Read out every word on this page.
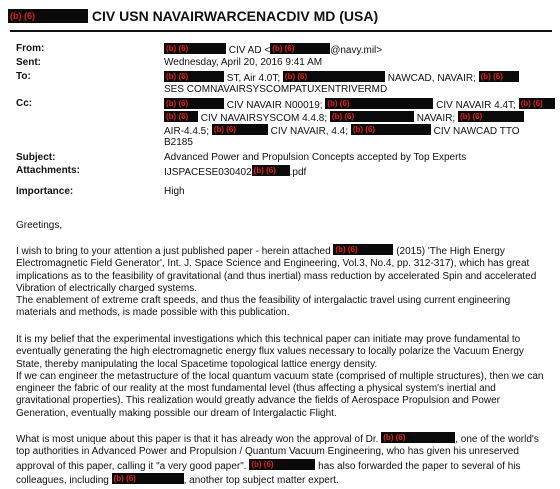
(b) (6)	CIV USN NAVAIRWARCENACDIV MD (USA)
From:	(b) (6)	CIV AD < (b) (6)	@navy.mil>
Sent:	Wednesday, April 20, 2016 9:41 AM
To:	(b) (6)	ST, Air 4.0T; (b) (6)	NAWCAD, NAVAIR; (b) (6)
SES COMNAVAIRSYSCOMPATUXENTRIVERMD
Cc:	(b) (6)	CIV NAVAIR N00019; (b) (6)	CIV NAVAIR 4.4T; (b) (6)
(b) (6) CIV NAVAIRSYSCOM 4.4.8; (b) (6)	NAVAIR; (b) (6)
AIR-4.4.5; (b) (6)	CIV NAVAIR, 4.4; (b) (6)	CIV NAWCAD TTO
B2185
Subject:	Advanced Power and Propulsion Concepts accepted by Top Experts
Attachments:	IJSPACESE030402 (b) (6) .pdf
Importance:	High

Greetings,

I wish to bring to your attention a just published paper - herein attached (b) (6)	(2015) 'The High Energy Electromagnetic Field Generator', Int. J. Space Science and Engineering, Vol.3, No.4, pp. 312-317), which has great implications as to the feasibility of gravitational (and thus inertial) mass reduction by accelerated Spin and accelerated Vibration of electrically charged systems.

The enablement of extreme craft speeds, and thus the feasibility of intergalactic travel using current engineering materials and methods, is made possible with this publication.

It is my belief that the experimental investigations which this technical paper can initiate may prove fundamental to eventually generating the high electromagnetic energy flux values necessary to locally polarize the Vacuum Energy State, thereby manipulating the local Spacetime topological lattice energy density.

If we can engineer the metastructure of the local quantum vacuum state (comprised of multiple structures), then we can engineer the fabric of our reality at the most fundamental level (thus affecting a physical system's inertial and gravitational properties). This realization would greatly advance the fields of Aerospace Propulsion and Power Generation, eventually making possible our dream of Intergalactic Flight.

What is most unique about this paper is that it has already won the approval of Dr. (b) (6)	, one of the world's top authorities in Advanced Power and Propulsion / Quantum Vacuum Engineering, who has given his unreserved approval of this paper, calling it "a very good paper". (b) (6)	has also forwarded the paper to several of his colleagues, including (b) (6)	, another top subject matter expert.
